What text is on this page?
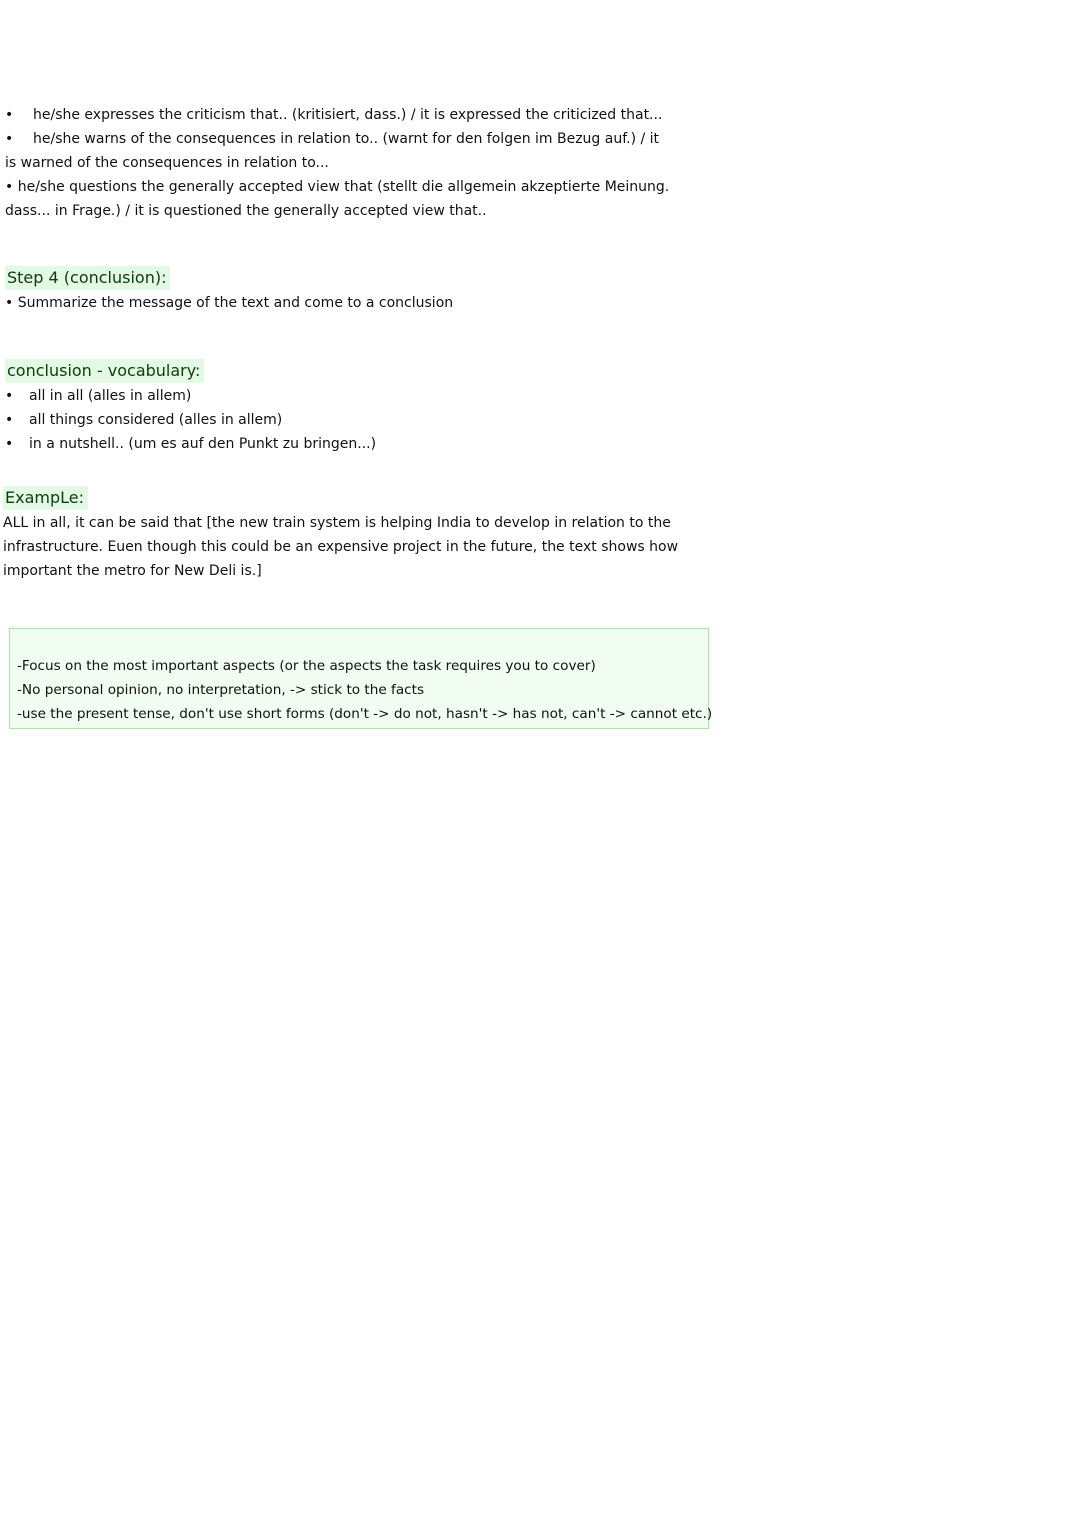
•	he/she expresses the criticism that.. (kritisiert, dass.) / it is expressed the criticized that...
•	he/she warns of the consequences in relation to.. (warnt for den folgen im Bezug auf.) / it
is warned of the consequences in relation to...
• he/she questions the generally accepted view that (stellt die allgemein akzeptierte Meinung.
dass... in Frage.) / it is questioned the generally accepted view that..
Step 4 (conclusion):
• Summarize the message of the text and come to a conclusion
conclusion - vocabulary:
•	all in all (alles in allem)
•	all things considered (alles in allem)
•	in a nutshell.. (um es auf den Punkt zu bringen...)
ExampLe:
ALL in all, it can be said that [the new train system is helping India to develop in relation to the
infrastructure. Euen though this could be an expensive project in the future, the text shows how
important the metro for New Deli is.]
-Focus on the most important aspects (or the aspects the task requires you to cover)
-No personal opinion, no interpretation, -> stick to the facts
-use the present tense, don't use short forms (don't -> do not, hasn't -> has not, can't -> cannot etc.)
